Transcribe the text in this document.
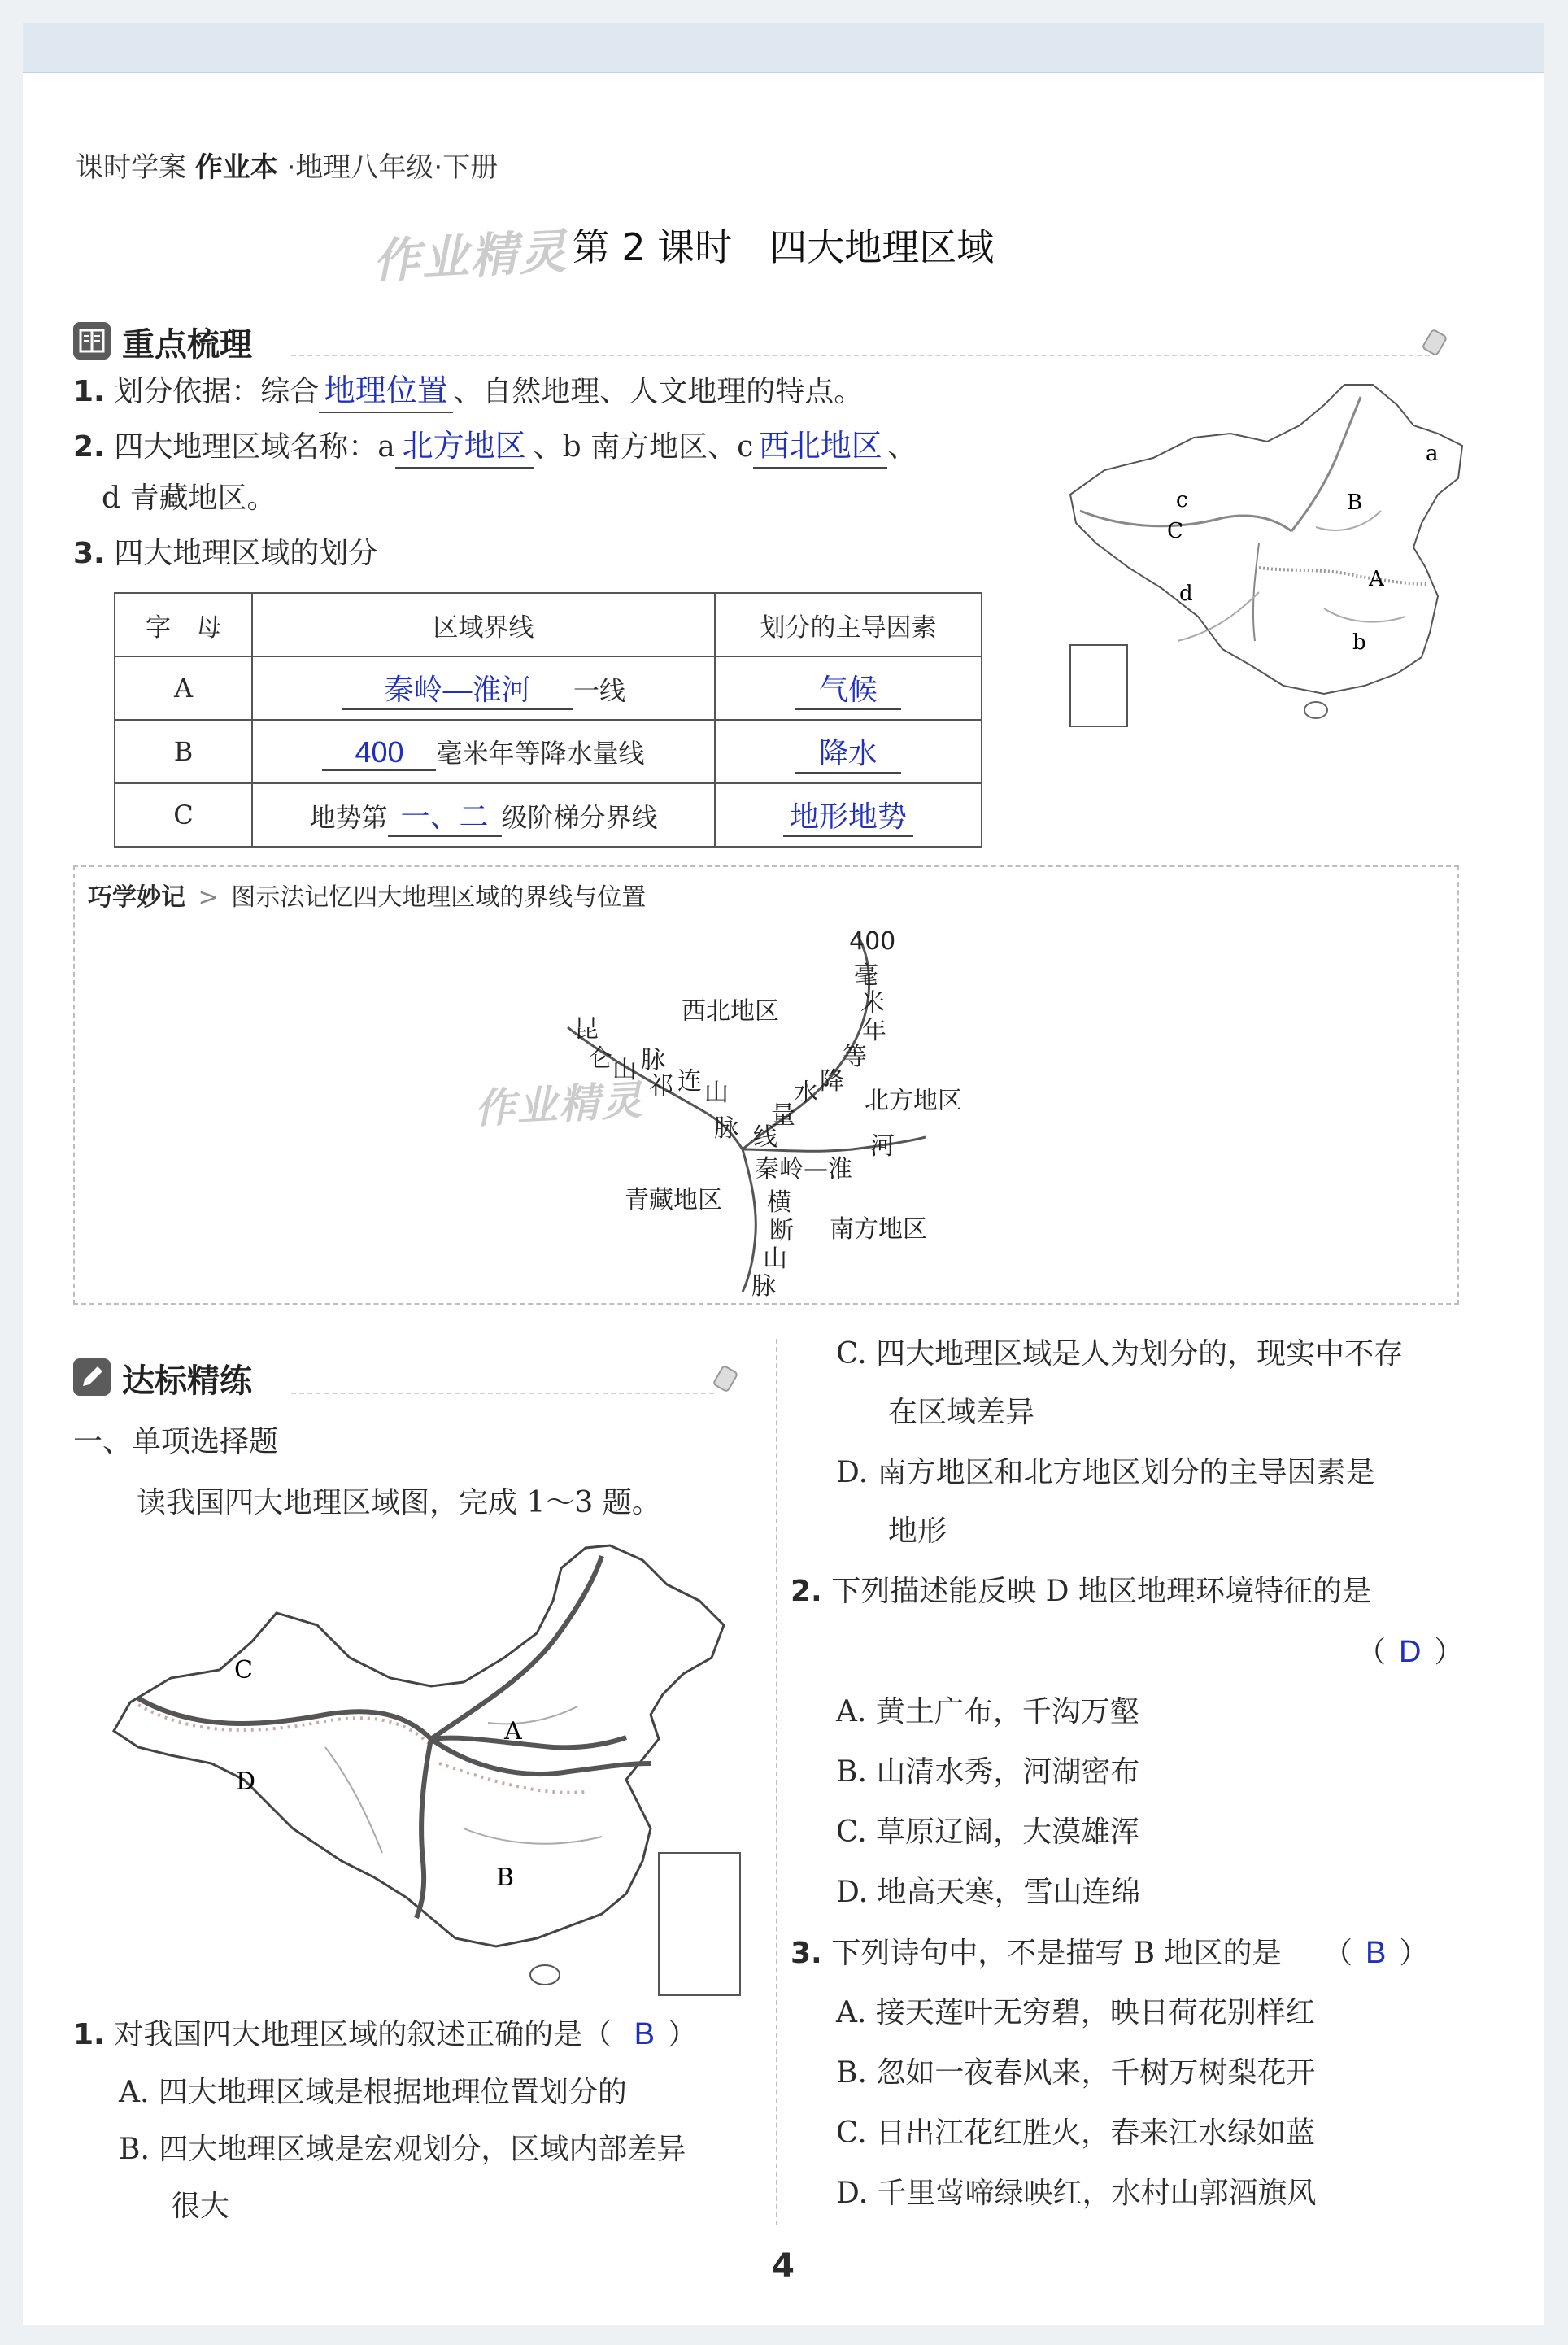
课时学案 作业本 ·地理八年级·下册
作业精灵 第 2 课时　四大地理区域
重点梳理
1. 划分依据：综合 地理位置 、自然地理、人文地理的特点。
2. 四大地理区域名称：a 北方地区 、b 南方地区、c 西北地区 、
d 青藏地区。
3. 四大地理区域的划分
字　母	区域界线	划分的主导因素
A	秦岭—淮河 一线	气候
B	400 毫米年等降水量线	降水
C	地势第 一、二 级阶梯分界线	地形地势
a
B
c
C
d
A
b
巧学妙记 > 图示法记忆四大地理区域的界线与位置
作业精灵
西北地区
北方地区
青藏地区
南方地区
昆
仑 山 脉
祁 连 山
脉
400
毫
米
年
等
降
水
量
线
秦岭—淮
河
横
断
山
脉
达标精练
一、单项选择题
读我国四大地理区域图，完成 1～3 题。
C
A
D
B
1. 对我国四大地理区域的叙述正确的是（ B ）
A. 四大地理区域是根据地理位置划分的
B. 四大地理区域是宏观划分，区域内部差异
很大
C. 四大地理区域是人为划分的，现实中不存
在区域差异
D. 南方地区和北方地区划分的主导因素是
地形
2. 下列描述能反映 D 地区地理环境特征的是
（ D ）
A. 黄土广布，千沟万壑
B. 山清水秀，河湖密布
C. 草原辽阔，大漠雄浑
D. 地高天寒，雪山连绵
3. 下列诗句中，不是描写 B 地区的是 （ B ）
A. 接天莲叶无穷碧，映日荷花别样红
B. 忽如一夜春风来，千树万树梨花开
C. 日出江花红胜火，春来江水绿如蓝
D. 千里莺啼绿映红，水村山郭酒旗风
4
